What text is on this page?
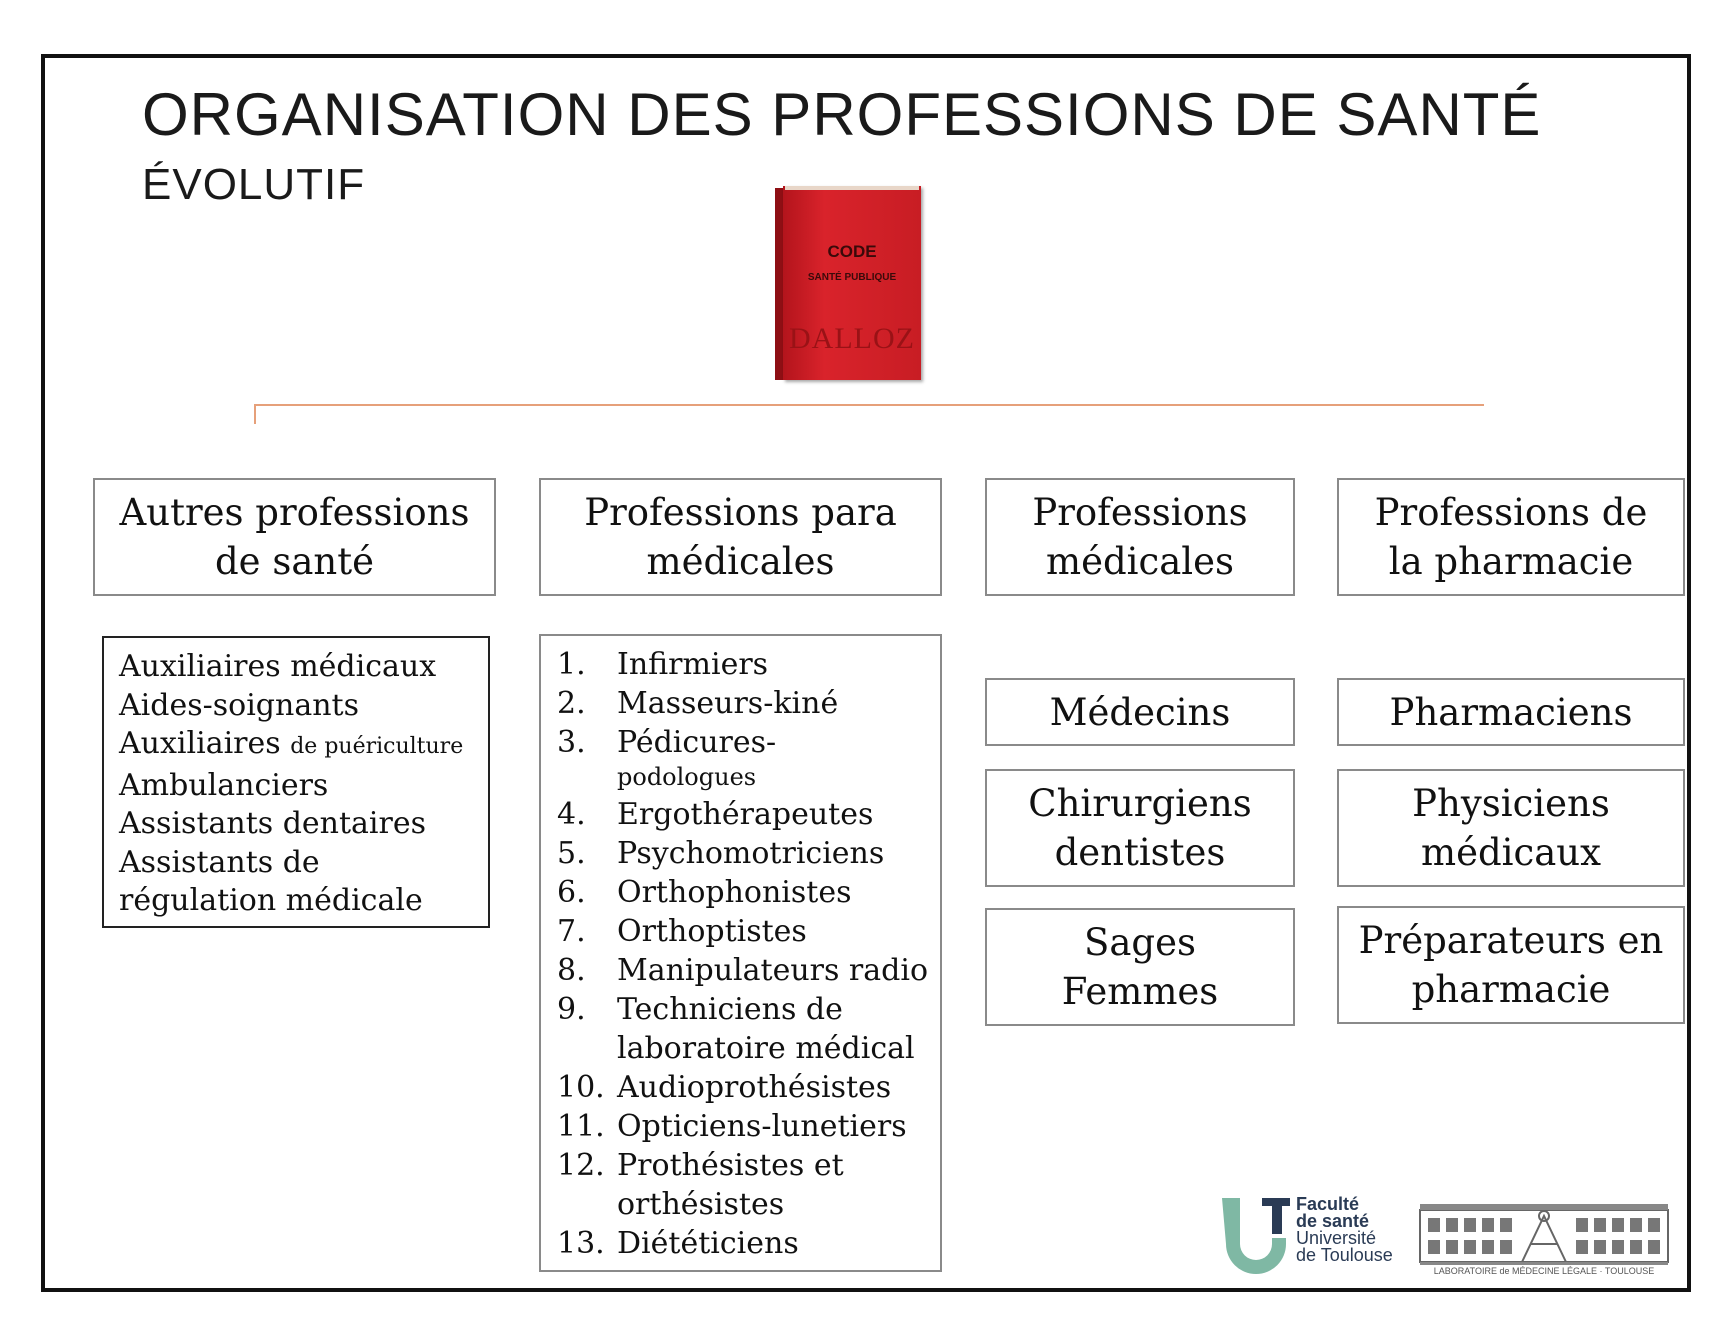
ORGANISATION DES PROFESSIONS DE SANTÉ
ÉVOLUTIF
CODE
SANTÉ PUBLIQUE
DALLOZ
Autres professions de santé
Professions para médicales
Professions médicales
Professions de la pharmacie
Auxiliaires médicaux
Aides-soignants
Auxiliaires de puériculture
Ambulanciers
Assistants dentaires
Assistants de
régulation médicale
1. Infirmiers
2. Masseurs-kiné
3. Pédicures-
podologues
4. Ergothérapeutes
5. Psychomotriciens
6. Orthophonistes
7. Orthoptistes
8. Manipulateurs radio
9. Techniciens de
laboratoire médical
10. Audioprothésistes
11. Opticiens-lunetiers
12. Prothésistes et
orthésistes
13. Diététiciens
Médecins
Chirurgiens dentistes
Sages Femmes
Pharmaciens
Physiciens médicaux
Préparateurs en pharmacie
Faculté
de santé
Université
de Toulouse
LABORATOIRE de MÉDECINE LÉGALE · TOULOUSE
